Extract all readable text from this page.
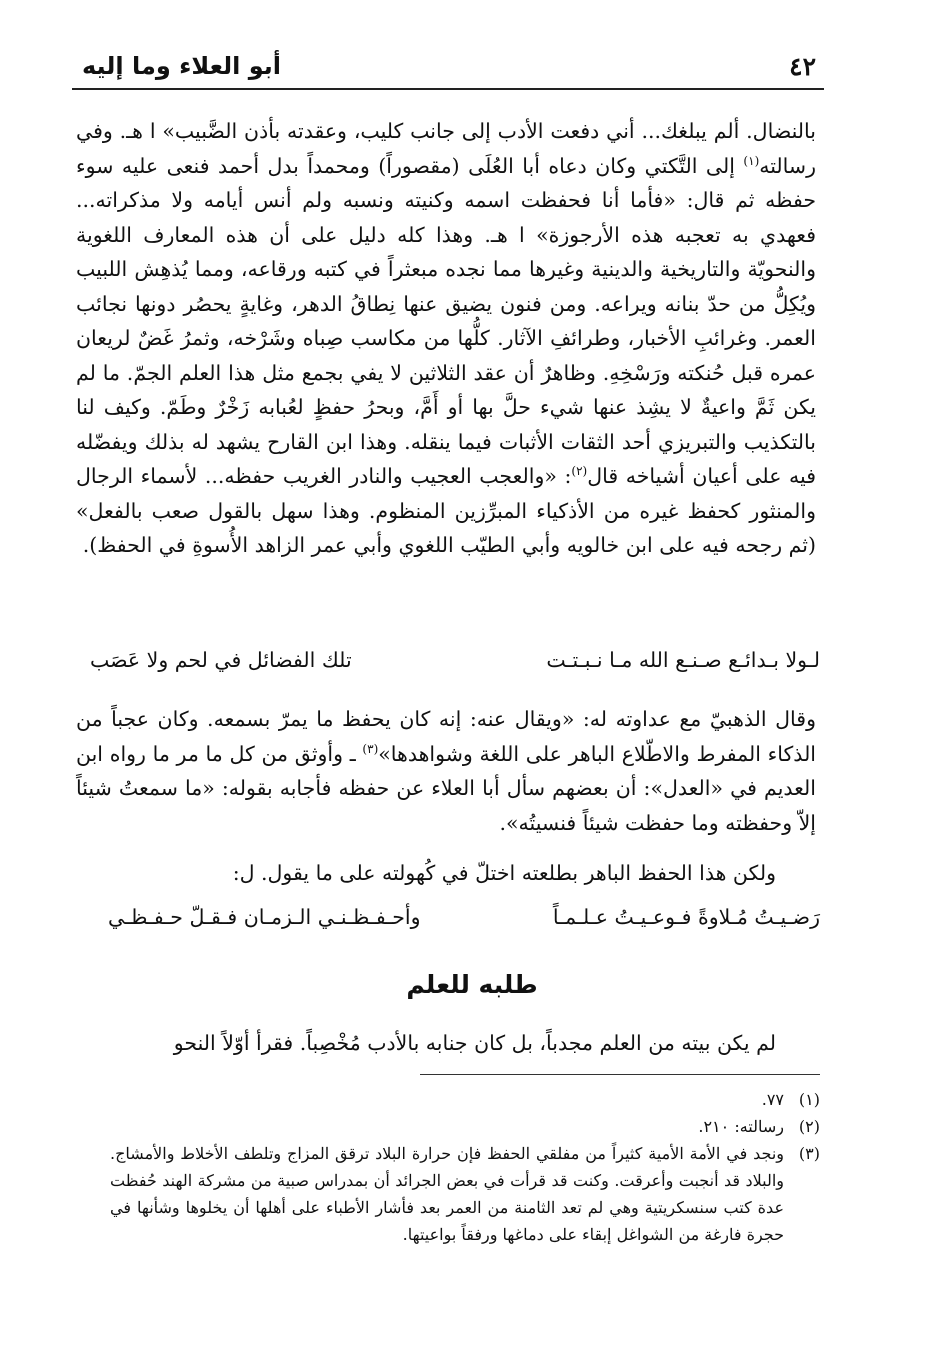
٤٢
أبو العلاء وما إليه

بالنضال. ألم يبلغك... أني دفعت الأدب إلى جانب كليب، وعقدته بأذن الضَّبيب» ا هـ. وفي رسالته$^{(١)}$ إلى التَّكتي وكان دعاه أبا العُلَى (مقصوراً) ومحمداً بدل أحمد فنعى عليه سوء حفظه ثم قال: «فأما أنا فحفظت اسمه وكنيته ونسبه ولم أنس أيامه ولا مذكراته... فعهدي به تعجبه هذه الأرجوزة» ا هـ. وهذا كله دليل على أن هذه المعارف اللغوية والنحويّة والتاريخية والدينية وغيرها مما نجده مبعثراً في كتبه ورقاعه، ومما يُذهِش اللبيب ويُكِلُّ من حدّ بنانه ويراعه. ومن فنون يضيق عنها نِطاقُ الدهر، وغايةٍ يحصُر دونها نجائب العمر. وغرائبِ الأخبار، وطرائفِ الآثار. كلُّها من مكاسب صِباه وشَرْخه، وثمرُ غَضٌ لريعان عمره قبل حُنكته ورَسْخِهِ. وظاهرٌ أن عقد الثلاثين لا يفي بجمع مثل هذا العلم الجمّ. ما لم يكن ثَمَّ واعيةٌ لا يشِذ عنها شيء حلَّ بها أو أَمَّ، وبحرُ حفظٍ لعُبابه زَخْرٌ وطَمّ. وكيف لنا بالتكذيب والتبريزي أحد الثقات الأثبات فيما ينقله. وهذا ابن القارح يشهد له بذلك ويفضّله فيه على أعيان أشياخه قال$^{(٢)}$: «والعجب العجيب والنادر الغريب حفظه... لأسماء الرجال والمنثور كحفظ غيره من الأذكياء المبرِّزين المنظوم. وهذا سهل بالقول صعب بالفعل» (ثم رجحه فيه على ابن خالويه وأبي الطيّب اللغوي وأبي عمر الزاهد الأُسوةِ في الحفظ).

لـولا بـدائـع صـنـع الله مـا نـبـتـت
تلك الفضائل في لحم ولا عَصَب

وقال الذهبيّ مع عداوته له: «ويقال عنه: إنه كان يحفظ ما يمرّ بسمعه. وكان عجباً من الذكاء المفرط والاطّلاع الباهر على اللغة وشواهدها»$^{(٣)}$ ـ وأوثق من كل ما مر ما رواه ابن العديم في «العدل»: أن بعضهم سأل أبا العلاء عن حفظه فأجابه بقوله: «ما سمعتُ شيئاً إلاّ وحفظته وما حفظت شيئاً فنسيتُه».

ولكن هذا الحفظ الباهر بطلعته اختلّ في كُهولته على ما يقول. ل:
رَضـيـتُ مُـلاوةً فـوعـيـتُ عـلـمـاً
وأحـفـظـنـي الـزمـان فـقـلّ حـفـظـي
طلبه للعلم
لم يكن بيته من العلم مجدباً، بل كان جنابه بالأدب مُخْصِباً. فقرأ أوّلاً النحو
(١)
٧٧.
(٢)
رسالته: ٢١٠.
(٣)
ونجد في الأمة الأمية كثيراً من مفلقي الحفظ فإن حرارة البلاد ترقق المزاج وتلطف الأخلاط والأمشاج. والبلاد قد أنجبت وأعرقت. وكنت قد قرأت في بعض الجرائد أن بمدراس صبية من مشركة الهند حُفظت عدة كتب سنسكريتية وهي لم تعد الثامنة من العمر بعد فأشار الأطباء على أهلها أن يخلوها وشأنها في حجرة فارغة من الشواغل إبقاء على دماغها ورفقاً بواعيتها.
